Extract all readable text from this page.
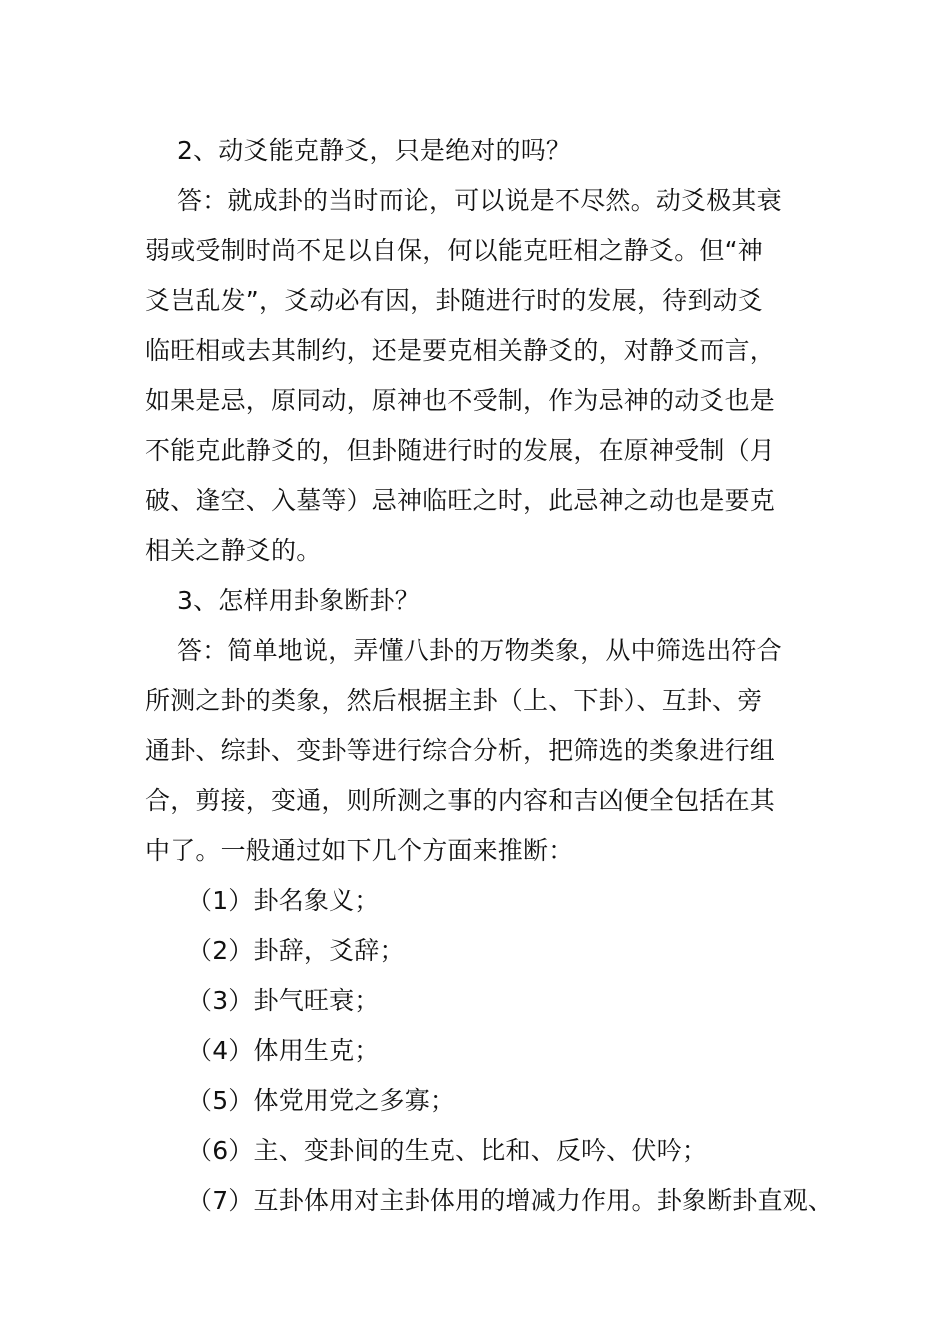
2、动爻能克静爻，只是绝对的吗？
答：就成卦的当时而论，可以说是不尽然。动爻极其衰
弱或受制时尚不足以自保，何以能克旺相之静爻。但“神
爻岂乱发”，爻动必有因，卦随进行时的发展，待到动爻
临旺相或去其制约，还是要克相关静爻的，对静爻而言，
如果是忌，原同动，原神也不受制，作为忌神的动爻也是
不能克此静爻的，但卦随进行时的发展，在原神受制（月
破、逢空、入墓等）忌神临旺之时，此忌神之动也是要克
相关之静爻的。
3、怎样用卦象断卦？
答：简单地说，弄懂八卦的万物类象，从中筛选出符合
所测之卦的类象，然后根据主卦（上、下卦）、互卦、旁
通卦、综卦、变卦等进行综合分析，把筛选的类象进行组
合，剪接，变通，则所测之事的内容和吉凶便全包括在其
中了。一般通过如下几个方面来推断：
（1）卦名象义；
（2）卦辞，爻辞；
（3）卦气旺衰；
（4）体用生克；
（5）体党用党之多寡；
（6）主、变卦间的生克、比和、反吟、伏吟；
（7）互卦体用对主卦体用的增减力作用。卦象断卦直观、
